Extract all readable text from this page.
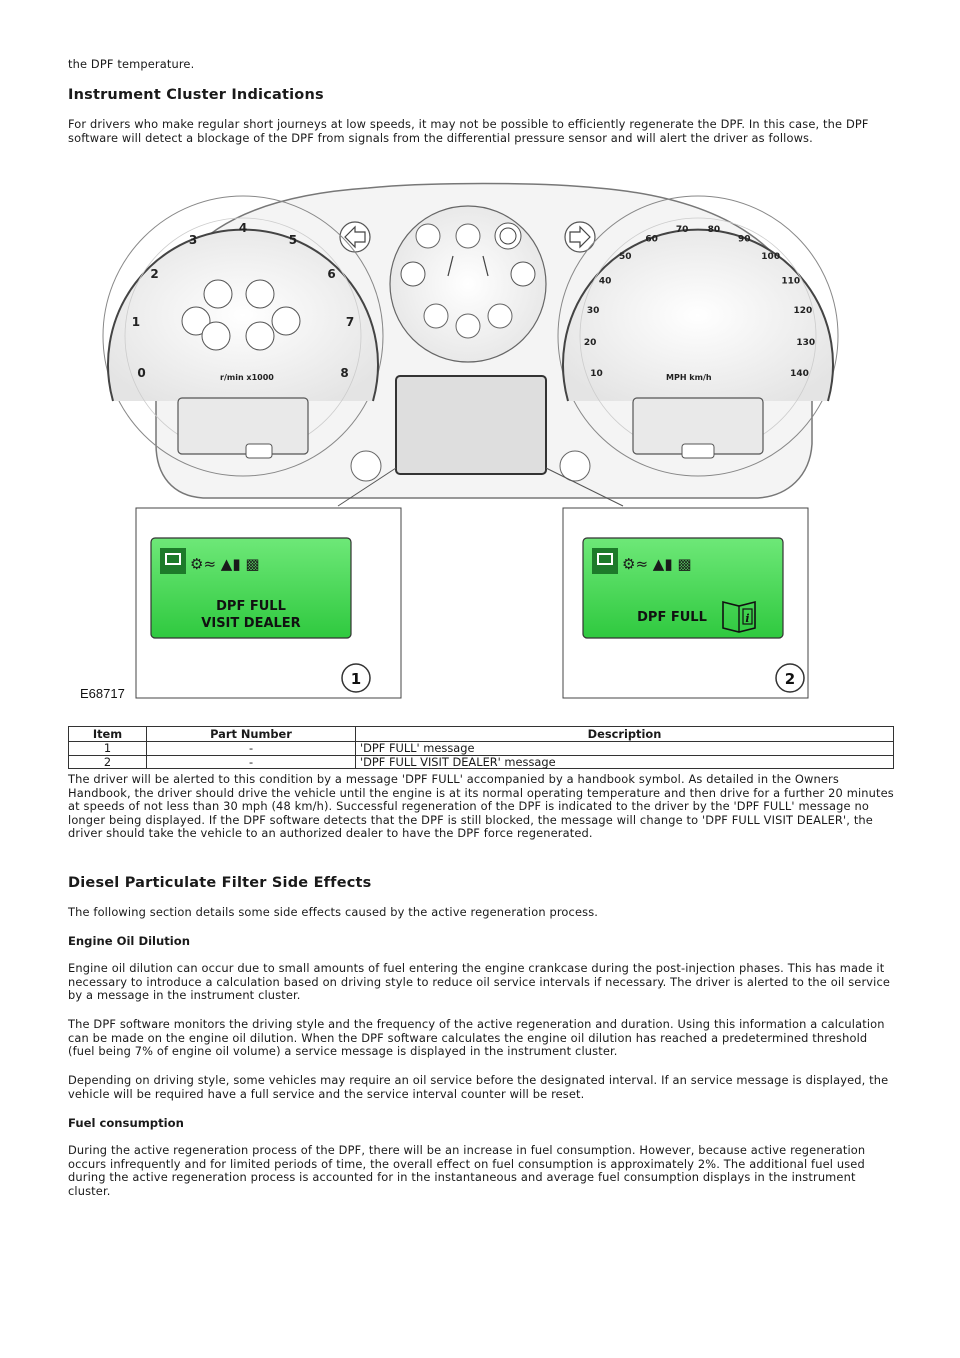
the DPF temperature.

Instrument Cluster Indications

For drivers who make regular short journeys at low speeds, it may not be possible to efficiently regenerate the DPF. In this case, the DPF software will detect a blockage of the DPF from signals from the differential pressure sensor and will alert the driver as follows.

r/min x1000
0
1
2
3
4
5
6
7
8	MPH km/h
10
20
30
40
50
60
70 80
90
100
110
120
130
140
⚙≈ ▲▮ ▩
DPF FULL
VISIT DEALER
1
⚙≈ ▲▮ ▩
DPF FULL	i
2
E68717
Item	Part Number	Description
1	-	'DPF FULL' message
2	-	'DPF FULL VISIT DEALER' message

The driver will be alerted to this condition by a message 'DPF FULL' accompanied by a handbook symbol. As detailed in the Owners Handbook, the driver should drive the vehicle until the engine is at its normal operating temperature and then drive for a further 20 minutes at speeds of not less than 30 mph (48 km/h). Successful regeneration of the DPF is indicated to the driver by the 'DPF FULL' message no longer being displayed. If the DPF software detects that the DPF is still blocked, the message will change to 'DPF FULL VISIT DEALER', the driver should take the vehicle to an authorized dealer to have the DPF force regenerated.

Diesel Particulate Filter Side Effects

The following section details some side effects caused by the active regeneration process.

Engine Oil Dilution

Engine oil dilution can occur due to small amounts of fuel entering the engine crankcase during the post-injection phases. This has made it necessary to introduce a calculation based on driving style to reduce oil service intervals if necessary. The driver is alerted to the oil service by a message in the instrument cluster.

The DPF software monitors the driving style and the frequency of the active regeneration and duration. Using this information a calculation can be made on the engine oil dilution. When the DPF software calculates the engine oil dilution has reached a predetermined threshold (fuel being 7% of engine oil volume) a service message is displayed in the instrument cluster.

Depending on driving style, some vehicles may require an oil service before the designated interval. If an service message is displayed, the vehicle will be required have a full service and the service interval counter will be reset.

Fuel consumption

During the active regeneration process of the DPF, there will be an increase in fuel consumption. However, because active regeneration occurs infrequently and for limited periods of time, the overall effect on fuel consumption is approximately 2%. The additional fuel used during the active regeneration process is accounted for in the instantaneous and average fuel consumption displays in the instrument cluster.
